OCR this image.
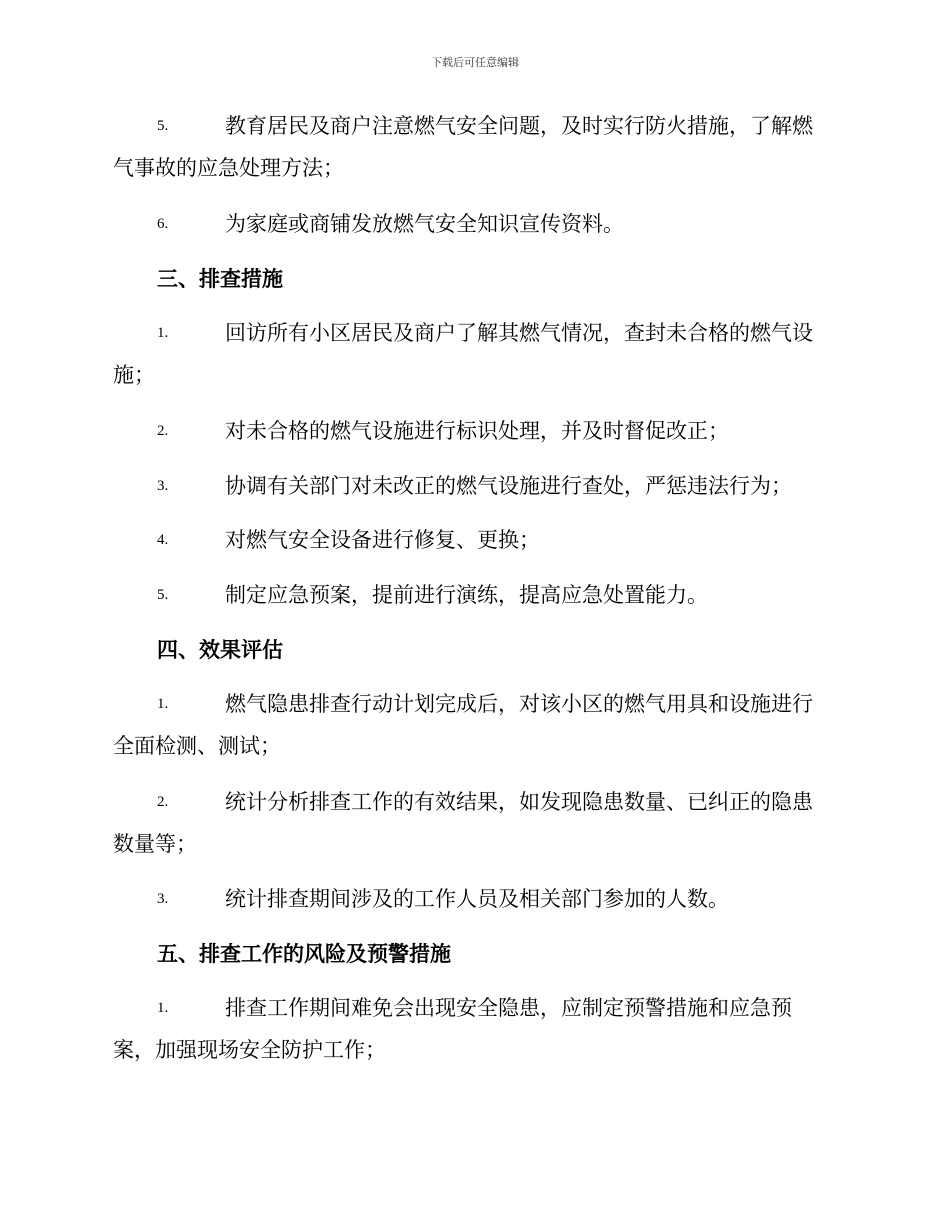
下载后可任意编辑
5.	教育居民及商户注意燃气安全问题，及时实行防火措施，了解燃
气事故的应急处理方法；
6.	为家庭或商铺发放燃气安全知识宣传资料。
三、排查措施
1.	回访所有小区居民及商户了解其燃气情况，查封未合格的燃气设
施；
2.	对未合格的燃气设施进行标识处理，并及时督促改正；
3.	协调有关部门对未改正的燃气设施进行查处，严惩违法行为；
4.	对燃气安全设备进行修复、更换；
5.	制定应急预案，提前进行演练，提高应急处置能力。
四、效果评估
1.	燃气隐患排查行动计划完成后，对该小区的燃气用具和设施进行
全面检测、测试；
2.	统计分析排查工作的有效结果，如发现隐患数量、已纠正的隐患
数量等；
3.	统计排查期间涉及的工作人员及相关部门参加的人数。
五、排查工作的风险及预警措施
1.	排查工作期间难免会出现安全隐患，应制定预警措施和应急预
案，加强现场安全防护工作；
